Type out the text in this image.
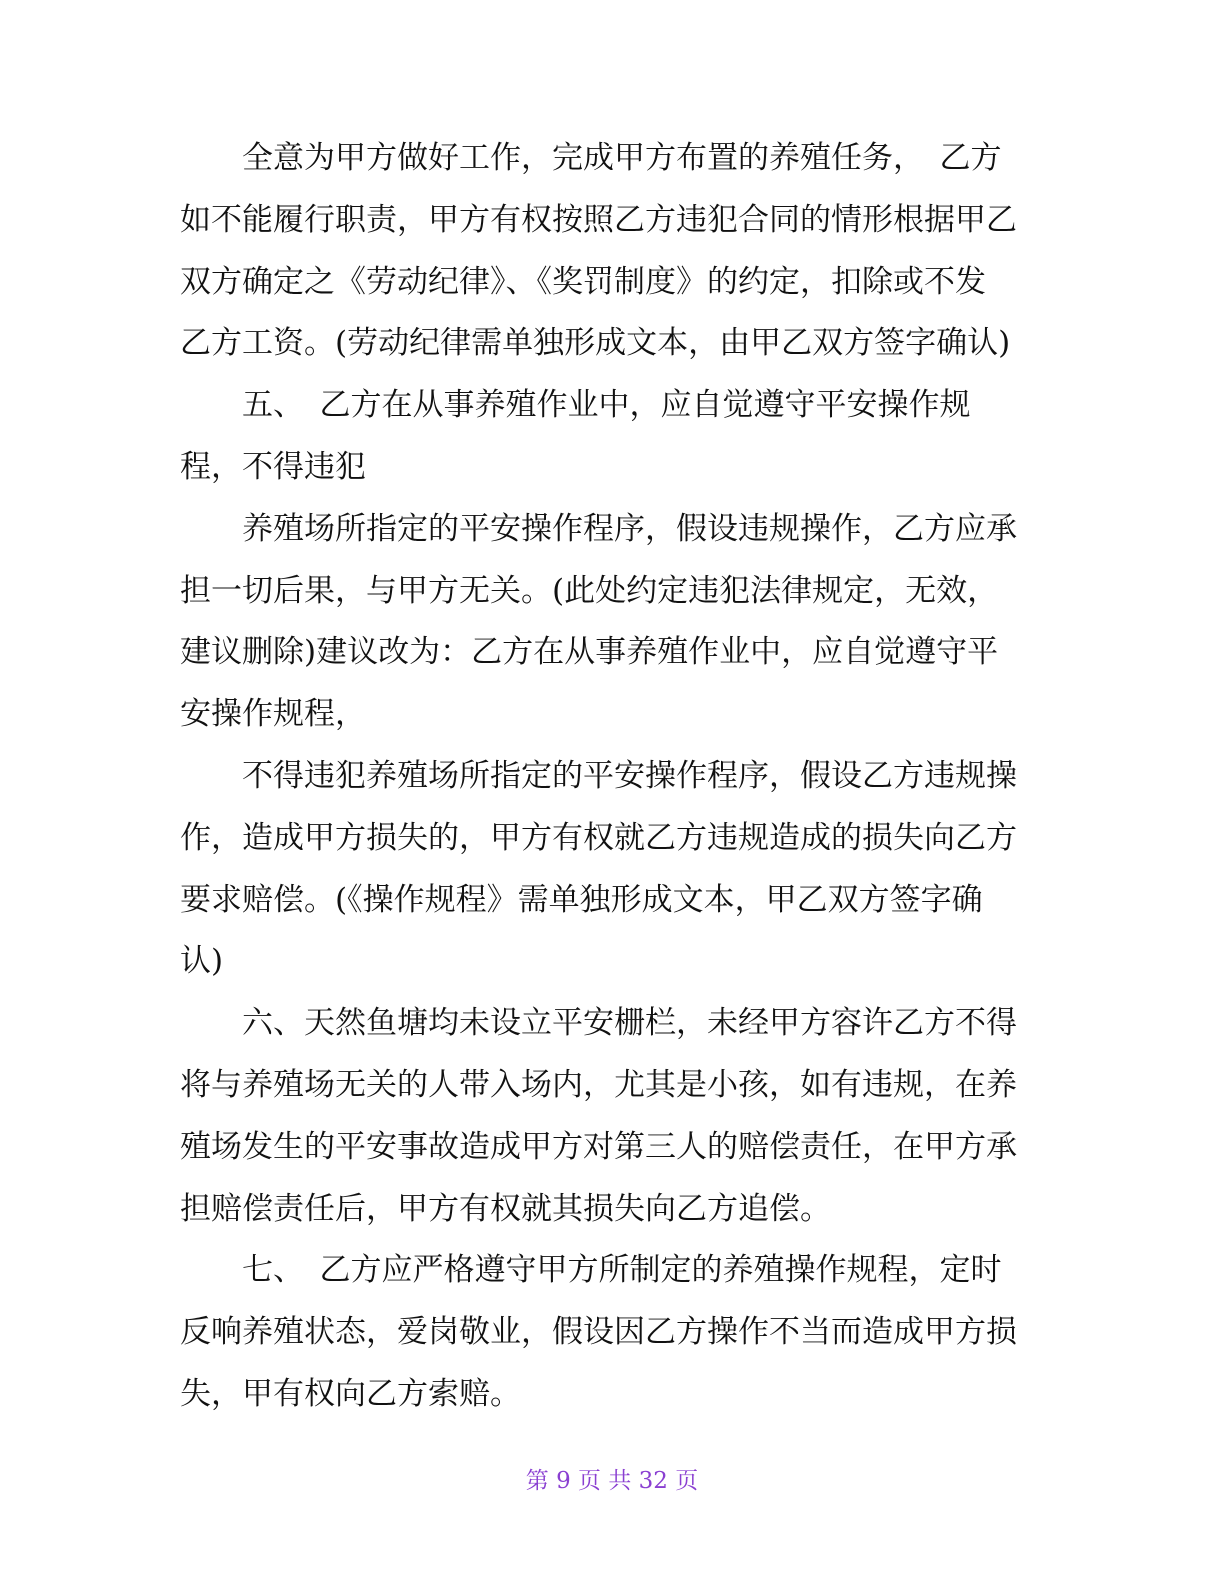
　　全意为甲方做好工作，完成甲方布置的养殖任务，　乙方
如不能履行职责，甲方有权按照乙方违犯合同的情形根据甲乙
双方确定之《劳动纪律》、《奖罚制度》的约定，扣除或不发
乙方工资。(劳动纪律需单独形成文本，由甲乙双方签字确认)
　　五、　乙方在从事养殖作业中，应自觉遵守平安操作规
程，不得违犯
　　养殖场所指定的平安操作程序，假设违规操作，乙方应承
担一切后果，与甲方无关。(此处约定违犯法律规定，无效，
建议删除)建议改为：乙方在从事养殖作业中，应自觉遵守平
安操作规程，
　　不得违犯养殖场所指定的平安操作程序，假设乙方违规操
作，造成甲方损失的，甲方有权就乙方违规造成的损失向乙方
要求赔偿。(《操作规程》需单独形成文本，甲乙双方签字确
认)
　　六、天然鱼塘均未设立平安栅栏，未经甲方容许乙方不得
将与养殖场无关的人带入场内，尤其是小孩，如有违规，在养
殖场发生的平安事故造成甲方对第三人的赔偿责任，在甲方承
担赔偿责任后，甲方有权就其损失向乙方追偿。
　　七、　乙方应严格遵守甲方所制定的养殖操作规程，定时
反响养殖状态，爱岗敬业，假设因乙方操作不当而造成甲方损
失，甲有权向乙方索赔。
第 9 页 共 32 页
